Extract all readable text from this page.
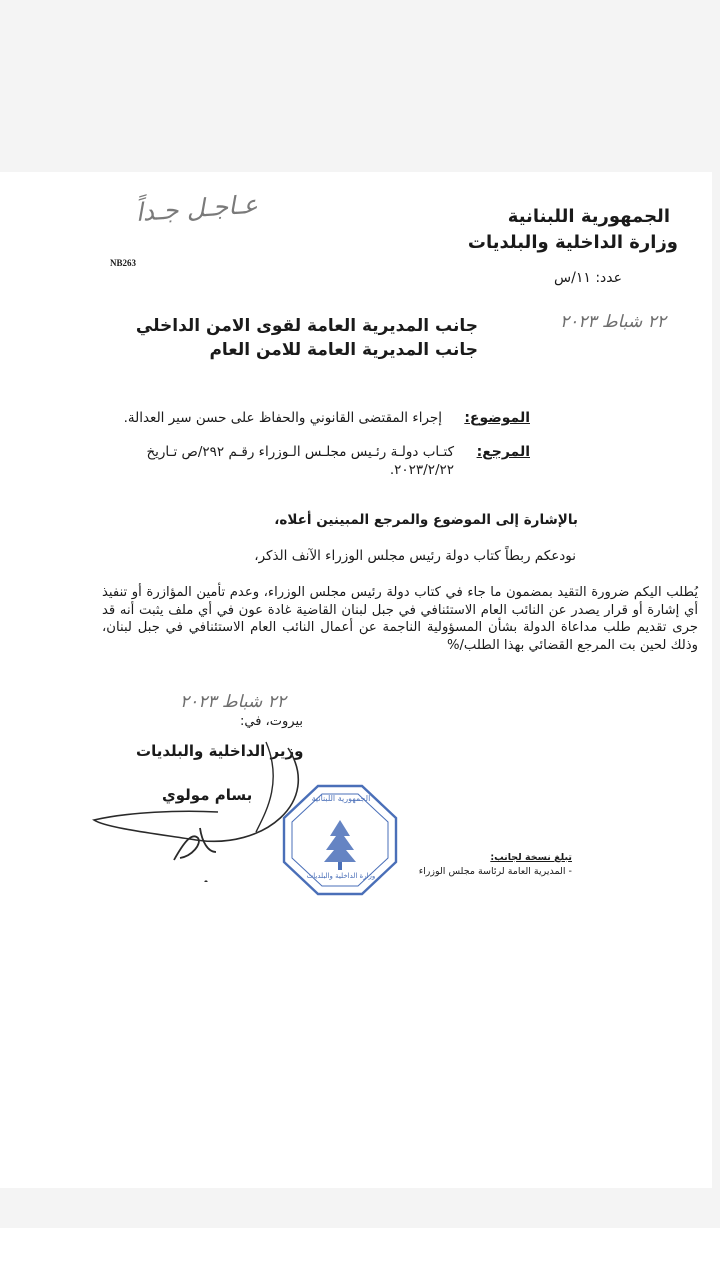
عـاجـل جـداً	الجمهورية اللبنانية
وزارة الداخلية والبلديات
NB263
عدد: ١١/س
٢٢ شباط ٢٠٢٣
جانب المديرية العامة لقوى الامن الداخلي
جانب المديرية العامة للامن العام
الموضوع:
إجراء المقتضى القانوني والحفاظ على حسن سير العدالة.
المرجع:
كتـاب دولـة رئـيس مجلـس الـوزراء رقـم ٢٩٢/ص تـاريخ
٢٠٢٣/٢/٢٢.
بالإشارة إلى الموضوع والمرجع المبينين أعلاه،
نودعكم ربطاً كتاب دولة رئيس مجلس الوزراء الآنف الذكر،
يُطلب اليكم ضرورة التقيد بمضمون ما جاء في كتاب دولة رئيس مجلس الوزراء، وعدم تأمين المؤازرة أو تنفيذ أي إشارة أو قرار يصدر عن النائب العام الاستئنافي في جبل لبنان القاضية غادة عون في أي ملف يثبت أنه قد جرى تقديم طلب مداعاة الدولة بشأن المسؤولية الناجمة عن أعمال النائب العام الاستئنافي في جبل لبنان، وذلك لحين بت المرجع القضائي بهذا الطلب/%
٢٢ شباط ٢٠٢٣
بيروت، في:
وزير الداخلية والبلديات
بسام مولوي	الجمهورية اللبنانية
وزارة الداخلية والبلديات
تبلغ نسخة لجانب:
- المديرية العامة لرئاسة مجلس الوزراء
